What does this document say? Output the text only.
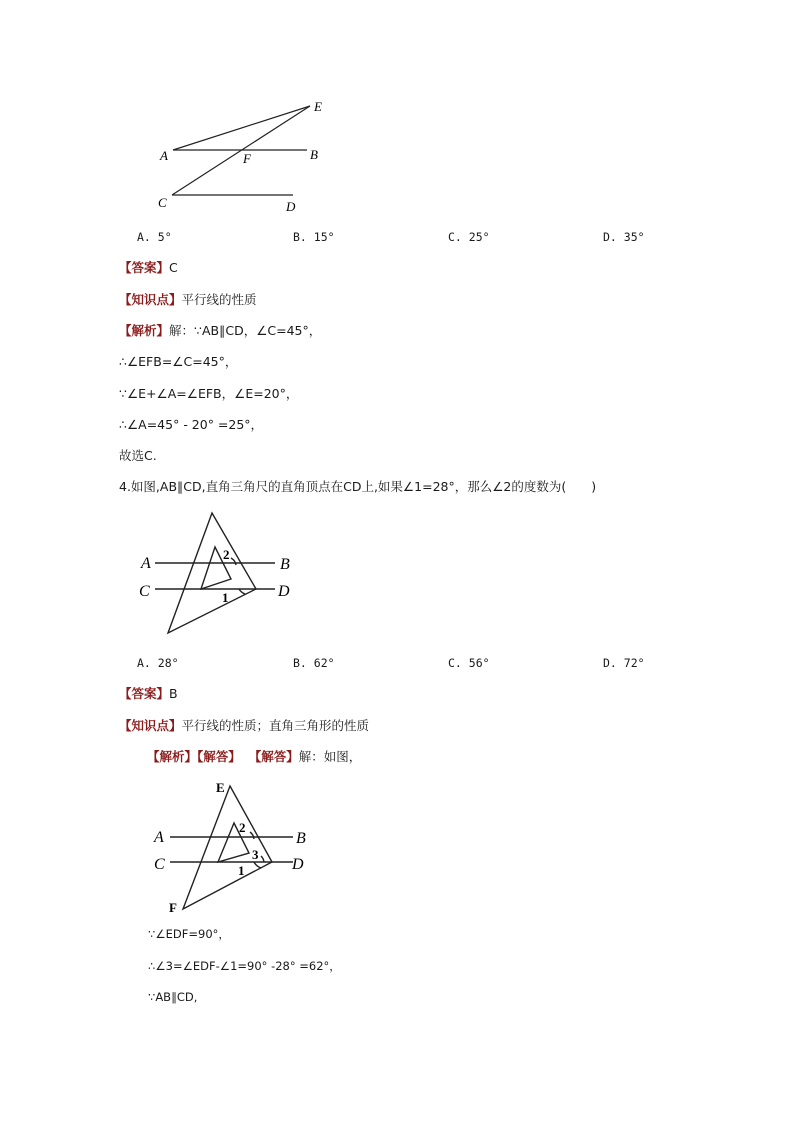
E
A	F	B
C	D
A. 5°	B. 15°	C. 25°	D. 35°
【答案】C
【知识点】平行线的性质
【解析】解：∵AB∥CD，∠C=45°，
∴∠EFB=∠C=45°，
∵∠E+∠A=∠EFB，∠E=20°，
∴∠A=45° - 20° =25°，
故选C.
4.如图,AB∥CD,直角三角尺的直角顶点在CD上,如果∠1=28°，那么∠2的度数为(　　)
A	B
C	D
2
1
A. 28°	B. 62°	C. 56°	D. 72°
【答案】B
【知识点】平行线的性质；直角三角形的性质
【解析】【解答】 【解答】解：如图，
E
A	B
C	D
F
2
3
1
∵∠EDF=90°，
∴∠3=∠EDF-∠1=90° -28° =62°，
∵AB∥CD,
